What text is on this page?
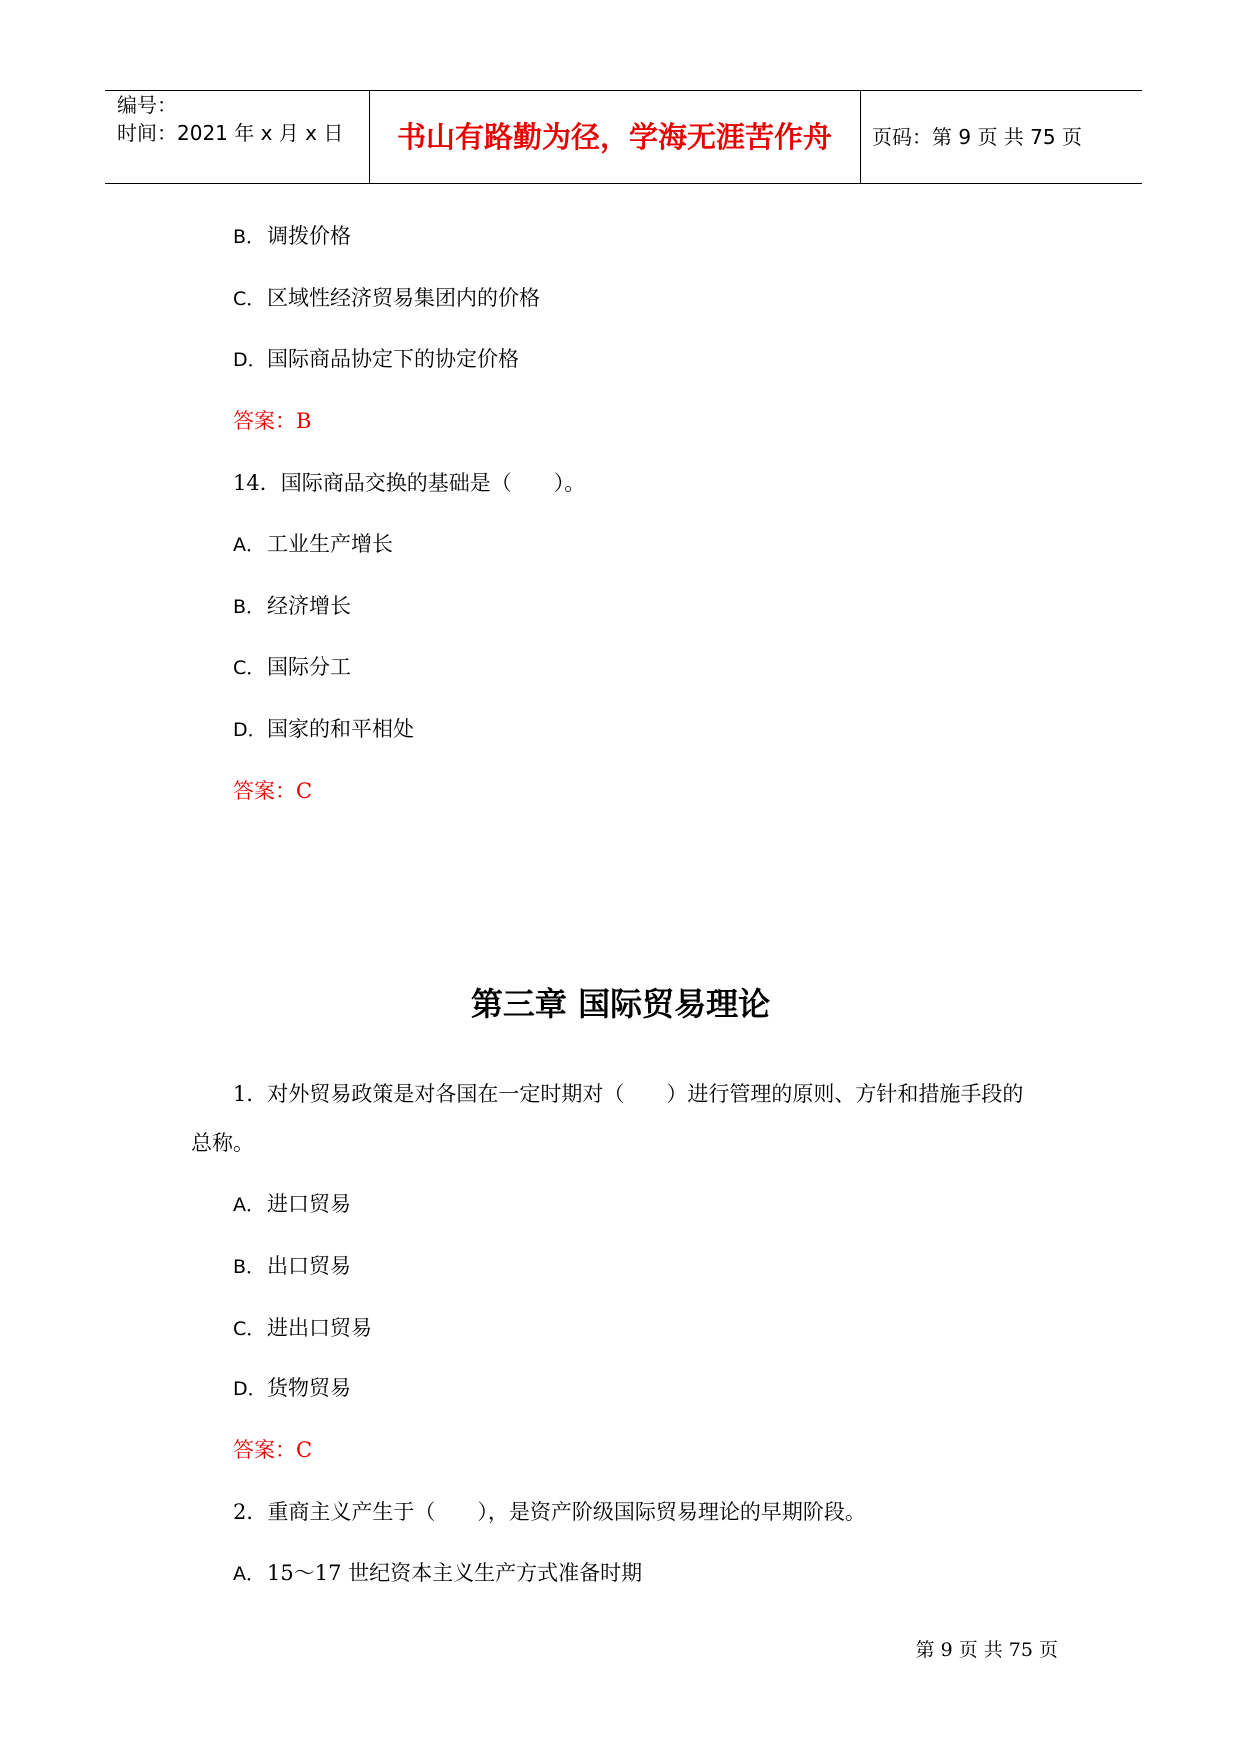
编号：
时间：2021 年 x 月 x 日	书山有路勤为径，学海无涯苦作舟	页码：第 9 页 共 75 页
B．调拨价格
C．区域性经济贸易集团内的价格
D．国际商品协定下的协定价格
答案：B
14．国际商品交换的基础是（　　）。
A．工业生产增长
B．经济增长
C．国际分工
D．国家的和平相处
答案：C
第三章 国际贸易理论
1．对外贸易政策是对各国在一定时期对（　　）进行管理的原则、方针和措施手段的
总称。
A．进口贸易
B．出口贸易
C．进出口贸易
D．货物贸易
答案：C
2．重商主义产生于（　　），是资产阶级国际贸易理论的早期阶段。
A．15～17 世纪资本主义生产方式准备时期
第 9 页 共 75 页
